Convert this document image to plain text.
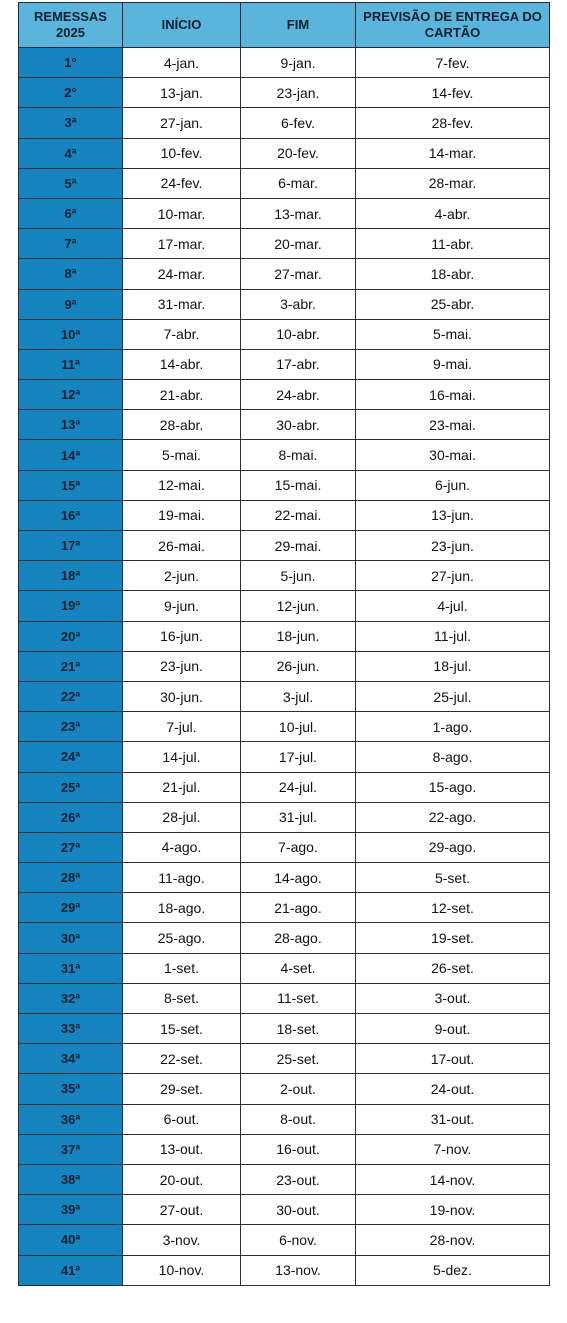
REMESSAS 2025	INÍCIO	FIM	PREVISÃO DE ENTREGA DO CARTÃO
1°	4-jan.	9-jan.	7-fev.
2°	13-jan.	23-jan.	14-fev.
3ª	27-jan.	6-fev.	28-fev.
4ª	10-fev.	20-fev.	14-mar.
5ª	24-fev.	6-mar.	28-mar.
6ª	10-mar.	13-mar.	4-abr.
7ª	17-mar.	20-mar.	11-abr.
8ª	24-mar.	27-mar.	18-abr.
9ª	31-mar.	3-abr.	25-abr.
10ª	7-abr.	10-abr.	5-mai.
11ª	14-abr.	17-abr.	9-mai.
12ª	21-abr.	24-abr.	16-mai.
13ª	28-abr.	30-abr.	23-mai.
14ª	5-mai.	8-mai.	30-mai.
15ª	12-mai.	15-mai.	6-jun.
16ª	19-mai.	22-mai.	13-jun.
17ª	26-mai.	29-mai.	23-jun.
18ª	2-jun.	5-jun.	27-jun.
19ª	9-jun.	12-jun.	4-jul.
20ª	16-jun.	18-jun.	11-jul.
21ª	23-jun.	26-jun.	18-jul.
22ª	30-jun.	3-jul.	25-jul.
23ª	7-jul.	10-jul.	1-ago.
24ª	14-jul.	17-jul.	8-ago.
25ª	21-jul.	24-jul.	15-ago.
26ª	28-jul.	31-jul.	22-ago.
27ª	4-ago.	7-ago.	29-ago.
28ª	11-ago.	14-ago.	5-set.
29ª	18-ago.	21-ago.	12-set.
30ª	25-ago.	28-ago.	19-set.
31ª	1-set.	4-set.	26-set.
32ª	8-set.	11-set.	3-out.
33ª	15-set.	18-set.	9-out.
34ª	22-set.	25-set.	17-out.
35ª	29-set.	2-out.	24-out.
36ª	6-out.	8-out.	31-out.
37ª	13-out.	16-out.	7-nov.
38ª	20-out.	23-out.	14-nov.
39ª	27-out.	30-out.	19-nov.
40ª	3-nov.	6-nov.	28-nov.
41ª	10-nov.	13-nov.	5-dez.
